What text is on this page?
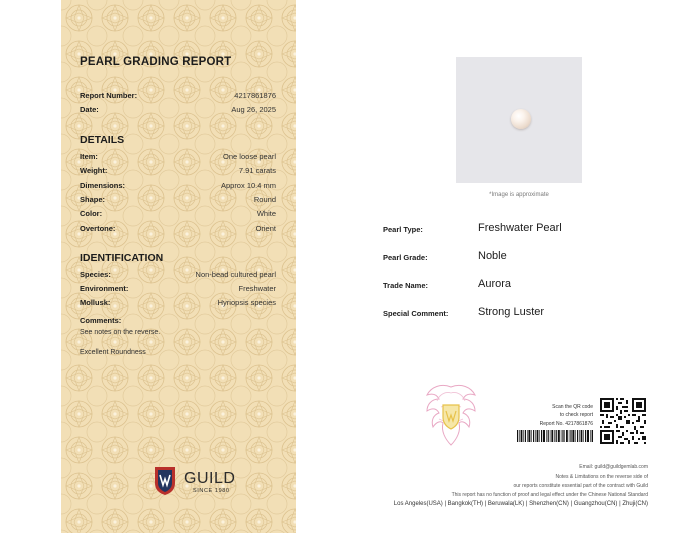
PEARL GRADING REPORT
Report Number:	4217861876
Date:	Aug 26, 2025
DETAILS
Item:	One loose pearl
Weight:	7.91 carats
Dimensions:	Approx 10.4 mm
Shape:	Round
Color:	White
Overtone:	Orient
IDENTIFICATION
Species:	Non-bead cultured pearl
Environment:	Freshwater
Mollusk:	Hyriopsis species
Comments:
See notes on the reverse.
Excellent Roundness
GUILD
SINCE 1980
*Image is approximate
Pearl Type:	Freshwater Pearl
Pearl Grade:	Noble
Trade Name:	Aurora
Special Comment:	Strong Luster
Scan the QR code
to check report
Report No. 4217861876
Email: guild@guildgemlab.com
Notes & Limitations on the reverse side of
our reports constitute essential part of the contract with Guild
This report has no function of proof and legal effect under the Chinese National Standard
Los Angeles(USA) | Bangkok(TH) | Beruwala(LK) | Shenzhen(CN) | Guangzhou(CN) | Zhuji(CN)
